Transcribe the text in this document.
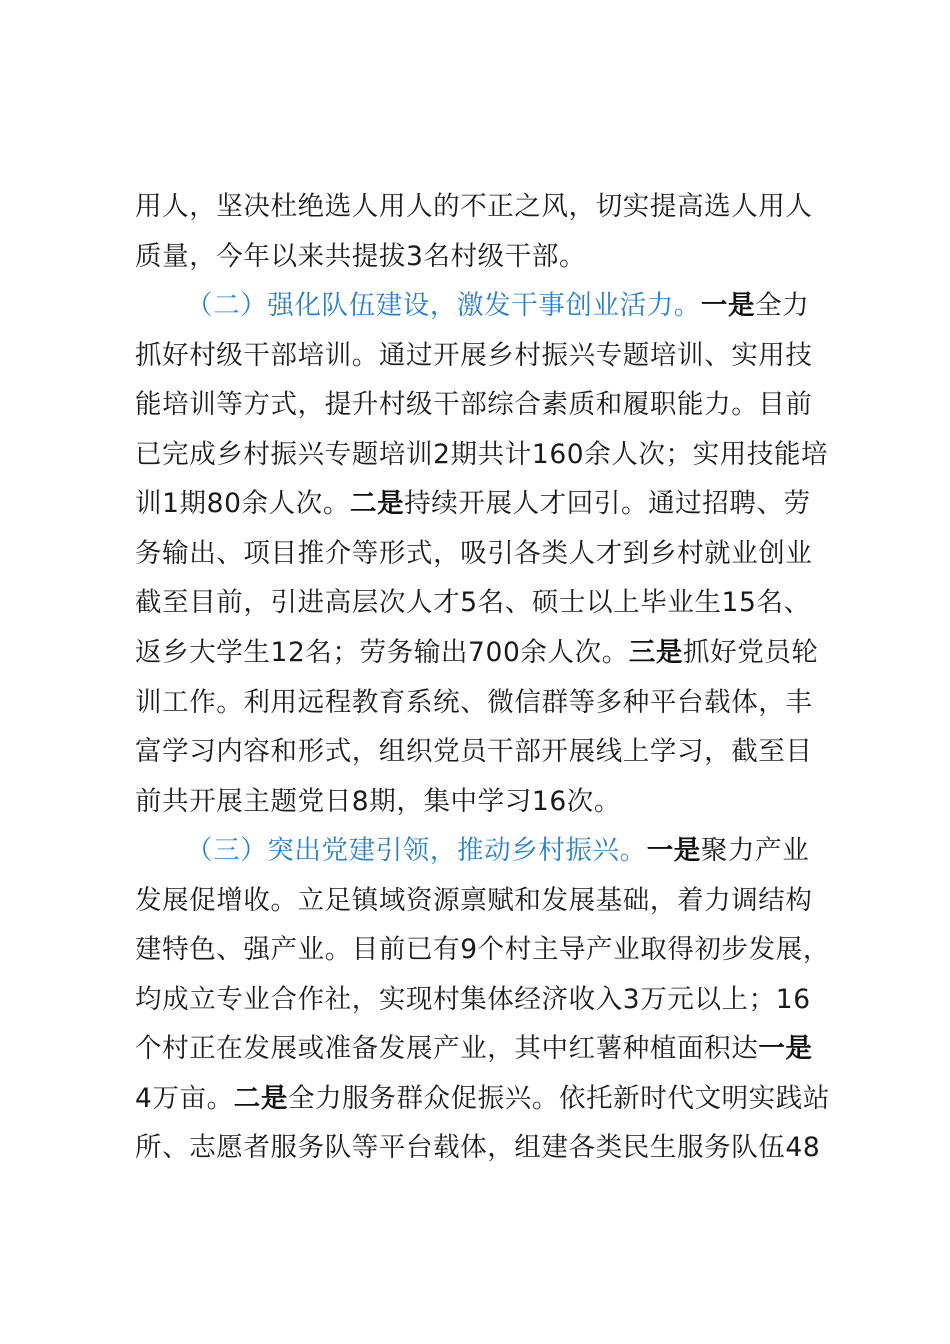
用人，坚决杜绝选人用人的不正之风，切实提高选人用人
质量，今年以来共提拔3名村级干部。
（二）强化队伍建设，激发干事创业活力。一是全力
抓好村级干部培训。通过开展乡村振兴专题培训、实用技
能培训等方式，提升村级干部综合素质和履职能力。目前
已完成乡村振兴专题培训2期共计160余人次；实用技能培
训1期80余人次。二是持续开展人才回引。通过招聘、劳
务输出、项目推介等形式，吸引各类人才到乡村就业创业
截至目前，引进高层次人才5名、硕士以上毕业生15名、
返乡大学生12名；劳务输出700余人次。三是抓好党员轮
训工作。利用远程教育系统、微信群等多种平台载体，丰
富学习内容和形式，组织党员干部开展线上学习，截至目
前共开展主题党日8期，集中学习16次。
（三）突出党建引领，推动乡村振兴。一是聚力产业
发展促增收。立足镇域资源禀赋和发展基础，着力调结构
建特色、强产业。目前已有9个村主导产业取得初步发展，
均成立专业合作社，实现村集体经济收入3万元以上；16
个村正在发展或准备发展产业，其中红薯种植面积达一是
4万亩。二是全力服务群众促振兴。依托新时代文明实践站
所、志愿者服务队等平台载体，组建各类民生服务队伍48
